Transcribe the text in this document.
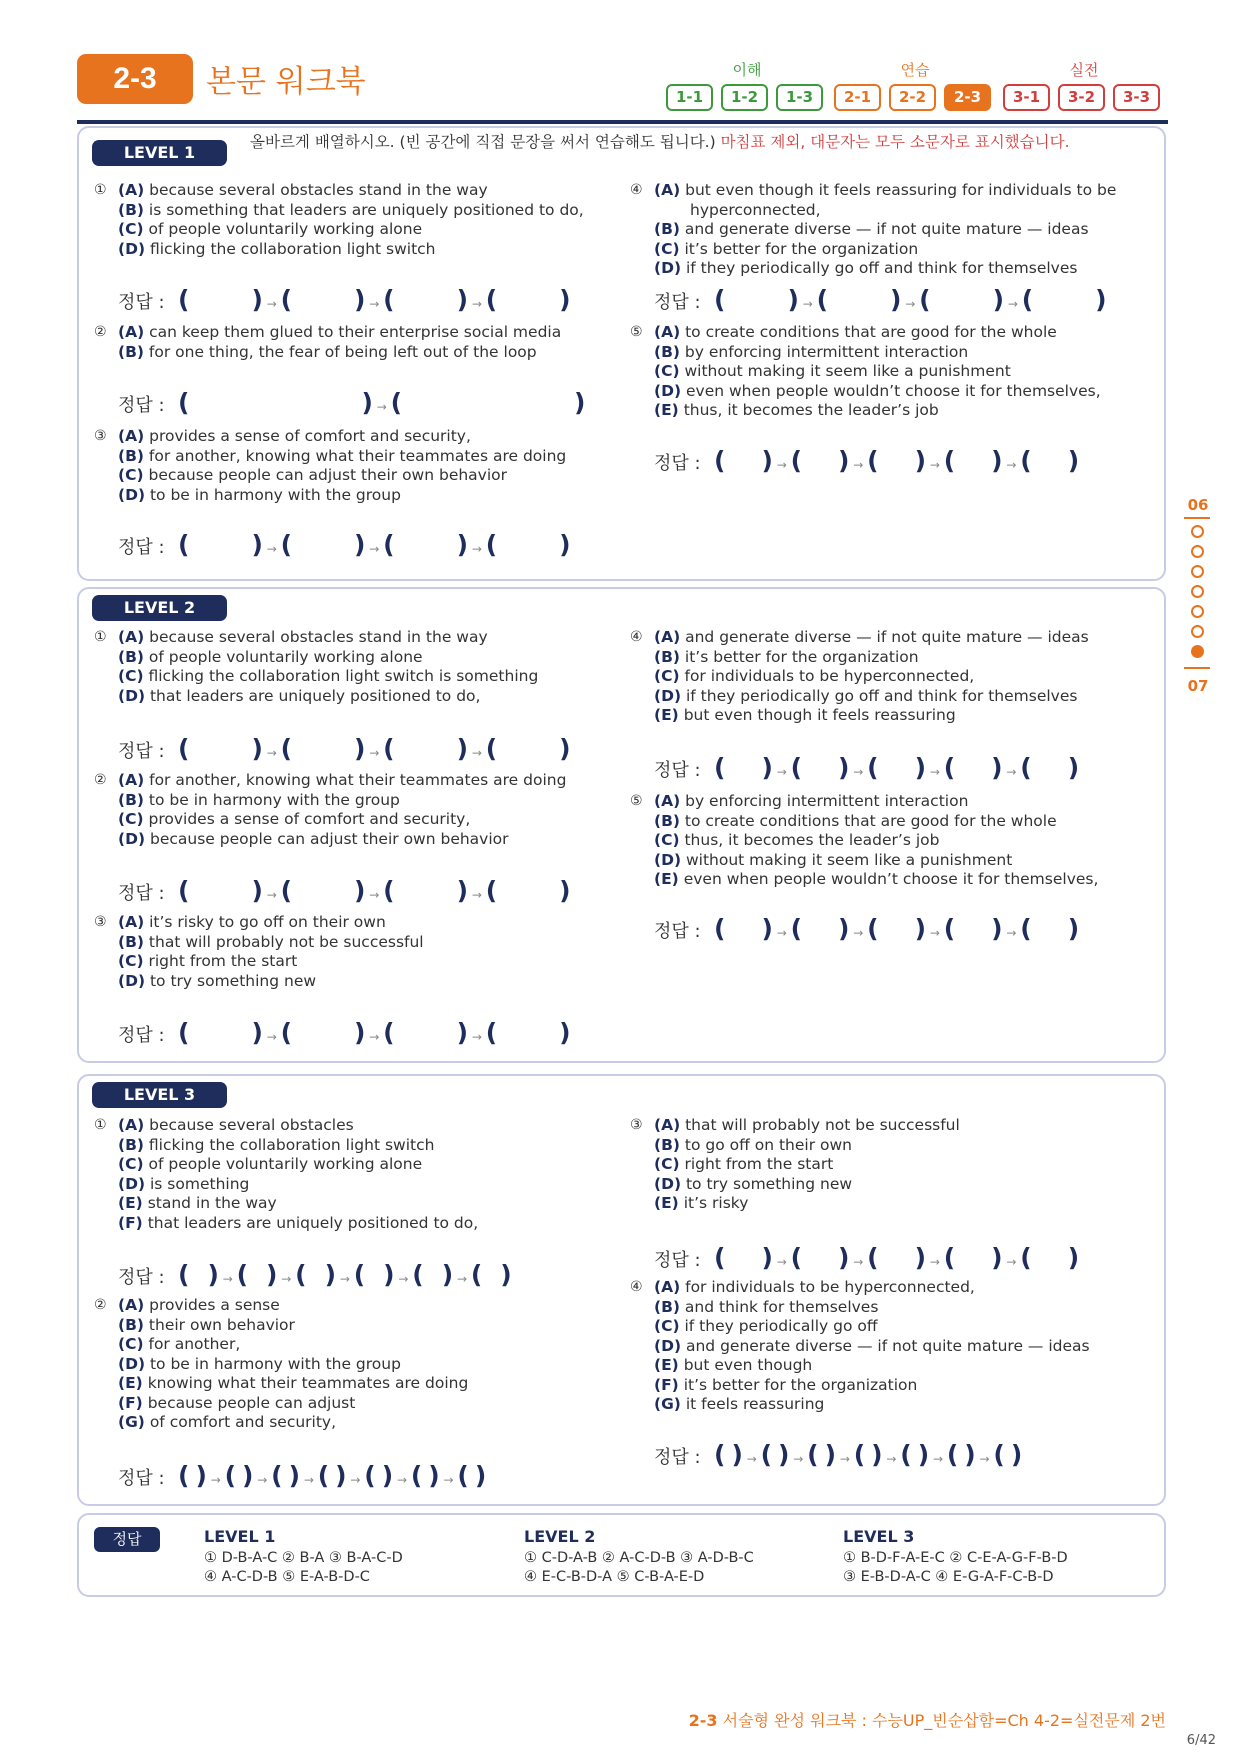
2-3	본문 워크북	이해	연습	실전
1-1	1-2	1-3	2-1	2-2	2-3	3-1	3-2	3-3
LEVEL 1
올바르게 배열하시오. (빈 공간에 직접 문장을 써서 연습해도 됩니다.) 마침표 제외, 대문자는 모두 소문자로 표시했습니다.
① (A) because several obstacles stand in the way
(B) is something that leaders are uniquely positioned to do,
(C) of people voluntarily working alone
(D) flicking the collaboration light switch
정답 : ( ) → ( ) → ( ) → ( )
② (A) can keep them glued to their enterprise social media
(B) for one thing, the fear of being left out of the loop
정답 : (	) → (	)
③ (A) provides a sense of comfort and security,
(B) for another, knowing what their teammates are doing
(C) because people can adjust their own behavior
(D) to be in harmony with the group
정답 : ( ) → ( ) → ( ) → ( )
④ (A) but even though it feels reassuring for individuals to be
hyperconnected,
(B) and generate diverse — if not quite mature — ideas
(C) it’s better for the organization
(D) if they periodically go off and think for themselves
정답 : ( ) → ( ) → ( ) → ( )
⑤ (A) to create conditions that are good for the whole
(B) by enforcing intermittent interaction
(C) without making it seem like a punishment
(D) even when people wouldn’t choose it for themselves,
(E) thus, it becomes the leader’s job
정답 : ( ) → ( ) → ( ) → ( ) → ( )
LEVEL 2
① (A) because several obstacles stand in the way
(B) of people voluntarily working alone
(C) flicking the collaboration light switch is something
(D) that leaders are uniquely positioned to do,
정답 : ( ) → ( ) → ( ) → ( )
② (A) for another, knowing what their teammates are doing
(B) to be in harmony with the group
(C) provides a sense of comfort and security,
(D) because people can adjust their own behavior
정답 : ( ) → ( ) → ( ) → ( )
③ (A) it’s risky to go off on their own
(B) that will probably not be successful
(C) right from the start
(D) to try something new
정답 : ( ) → ( ) → ( ) → ( )
④ (A) and generate diverse — if not quite mature — ideas
(B) it’s better for the organization
(C) for individuals to be hyperconnected,
(D) if they periodically go off and think for themselves
(E) but even though it feels reassuring
정답 : ( ) → ( ) → ( ) → ( ) → ( )
⑤ (A) by enforcing intermittent interaction
(B) to create conditions that are good for the whole
(C) thus, it becomes the leader’s job
(D) without making it seem like a punishment
(E) even when people wouldn’t choose it for themselves,
정답 : ( ) → ( ) → ( ) → ( ) → ( )
LEVEL 3
① (A) because several obstacles
(B) flicking the collaboration light switch
(C) of people voluntarily working alone
(D) is something
(E) stand in the way
(F) that leaders are uniquely positioned to do,
정답 : ( ) → ( ) → ( ) → ( ) → ( ) → ( )
② (A) provides a sense
(B) their own behavior
(C) for another,
(D) to be in harmony with the group
(E) knowing what their teammates are doing
(F) because people can adjust
(G) of comfort and security,
정답 : ( ) → ( ) → ( ) → ( ) → ( ) → ( ) → ( )
③ (A) that will probably not be successful
(B) to go off on their own
(C) right from the start
(D) to try something new
(E) it’s risky
정답 : ( ) → ( ) → ( ) → ( ) → ( )
④ (A) for individuals to be hyperconnected,
(B) and think for themselves
(C) if they periodically go off
(D) and generate diverse — if not quite mature — ideas
(E) but even though
(F) it’s better for the organization
(G) it feels reassuring
정답 : ( ) → ( ) → ( ) → ( ) → ( ) → ( ) → ( )
정답	LEVEL 1
① D-B-A-C ② B-A ③ B-A-C-D
④ A-C-D-B ⑤ E-A-B-D-C
LEVEL 2
① C-D-A-B ② A-C-D-B ③ A-D-B-C
④ E-C-B-D-A ⑤ C-B-A-E-D
LEVEL 3
① B-D-F-A-E-C ② C-E-A-G-F-B-D
③ E-B-D-A-C ④ E-G-A-F-C-B-D
06
07
2-3 서술형 완성 워크북 : 수능UP_빈순삽함=Ch 4-2=실전문제 2번
6/42
